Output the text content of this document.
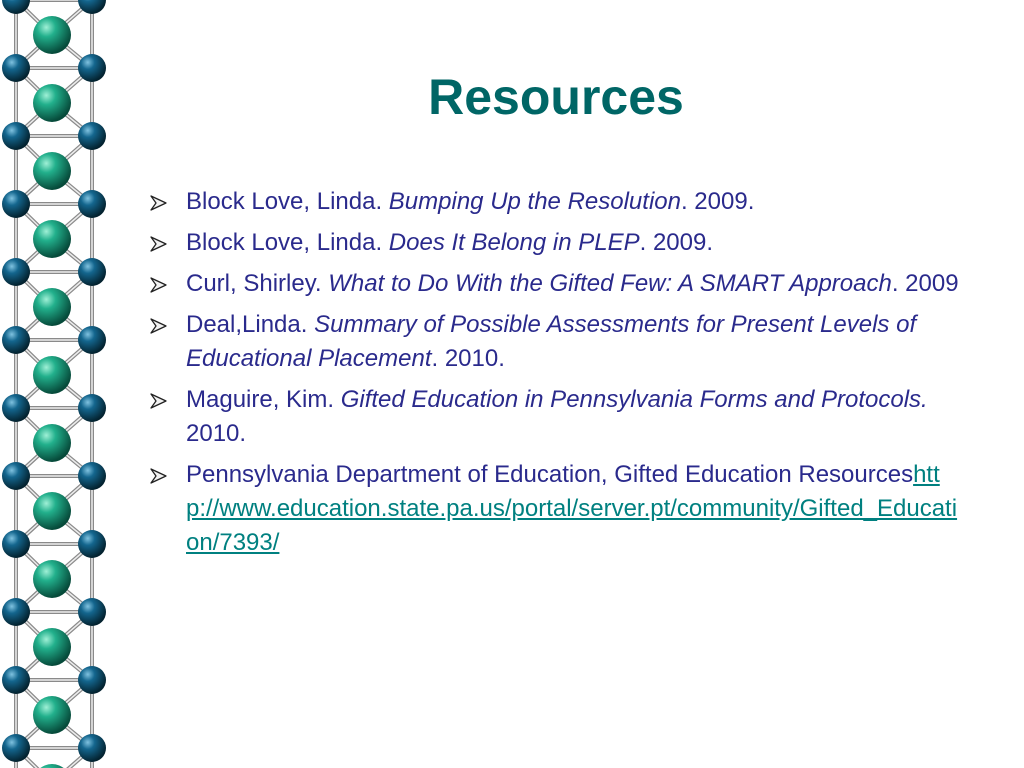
Resources
Block Love, Linda. Bumping Up the Resolution. 2009.
Block Love, Linda. Does It Belong in PLEP. 2009.
Curl, Shirley. What to Do With the Gifted Few: A SMART Approach. 2009
Deal,Linda. Summary of Possible Assessments for Present Levels of Educational Placement. 2010.
Maguire, Kim. Gifted Education in Pennsylvania Forms and Protocols. 2010.
Pennsylvania Department of Education, Gifted Education Resourceshttp://www.education.state.pa.us/portal/server.pt/community/Gifted_Education/7393/
